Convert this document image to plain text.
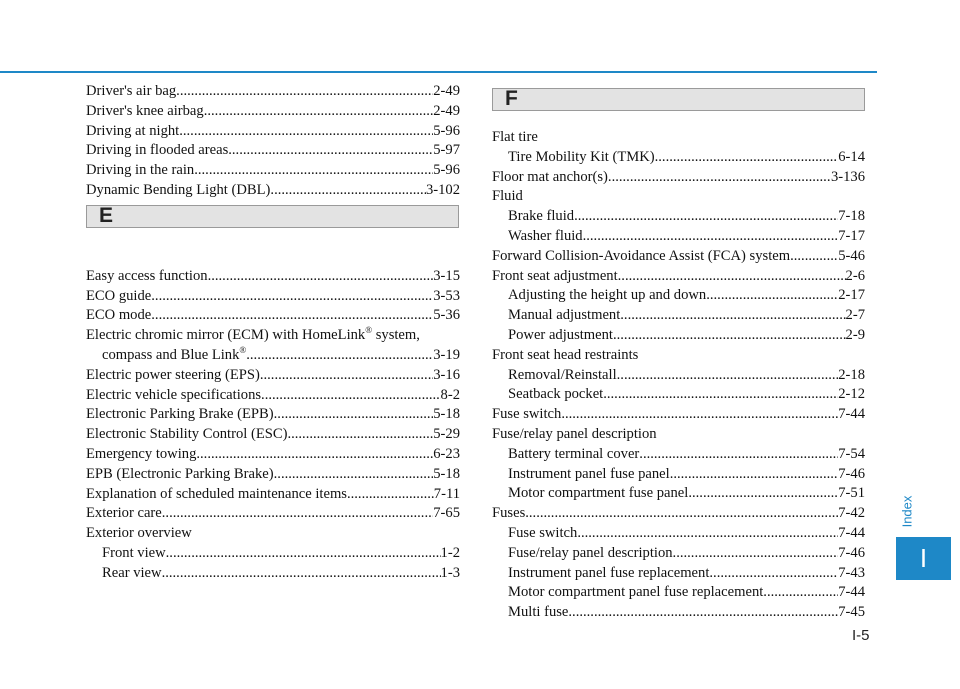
Driver's air bag .....	2-49
Driver's knee airbag .....	2-49
Driving at night .....	5-96
Driving in flooded areas .....	5-97
Driving in the rain .....	5-96
Dynamic Bending Light (DBL) .....	3-102
Easy access function .....	3-15
ECO guide .....	3-53
ECO mode .....	5-36
Electric chromic mirror (ECM) with HomeLink® system,
compass and Blue Link® .....	3-19
Electric power steering (EPS) .....	3-16
Electric vehicle specifications .....	8-2
Electronic Parking Brake (EPB) .....	5-18
Electronic Stability Control (ESC) .....	5-29
Emergency towing .....	6-23
EPB (Electronic Parking Brake) .....	5-18
Explanation of scheduled maintenance items .....	7-11
Exterior care .....	7-65
Exterior overview
Front view .....	1-2
Rear view .....	1-3
E
F
Flat tire
Tire Mobility Kit (TMK) .....	6-14
Floor mat anchor(s) .....	3-136
Fluid
Brake fluid .....	7-18
Washer fluid .....	7-17
Forward Collision-Avoidance Assist (FCA) system .....	5-46
Front seat adjustment .....	2-6
Adjusting the height up and down .....	2-17
Manual adjustment .....	2-7
Power adjustment .....	2-9
Front seat head restraints
Removal/Reinstall .....	2-18
Seatback pocket .....	2-12
Fuse switch .....	7-44
Fuse/relay panel description
Battery terminal cover .....	7-54
Instrument panel fuse panel .....	7-46
Motor compartment fuse panel .....	7-51
Fuses .....	7-42
Fuse switch .....	7-44
Fuse/relay panel description .....	7-46
Instrument panel fuse replacement .....	7-43
Motor compartment panel fuse replacement .....	7-44
Multi fuse .....	7-45
Index
I
I-5
